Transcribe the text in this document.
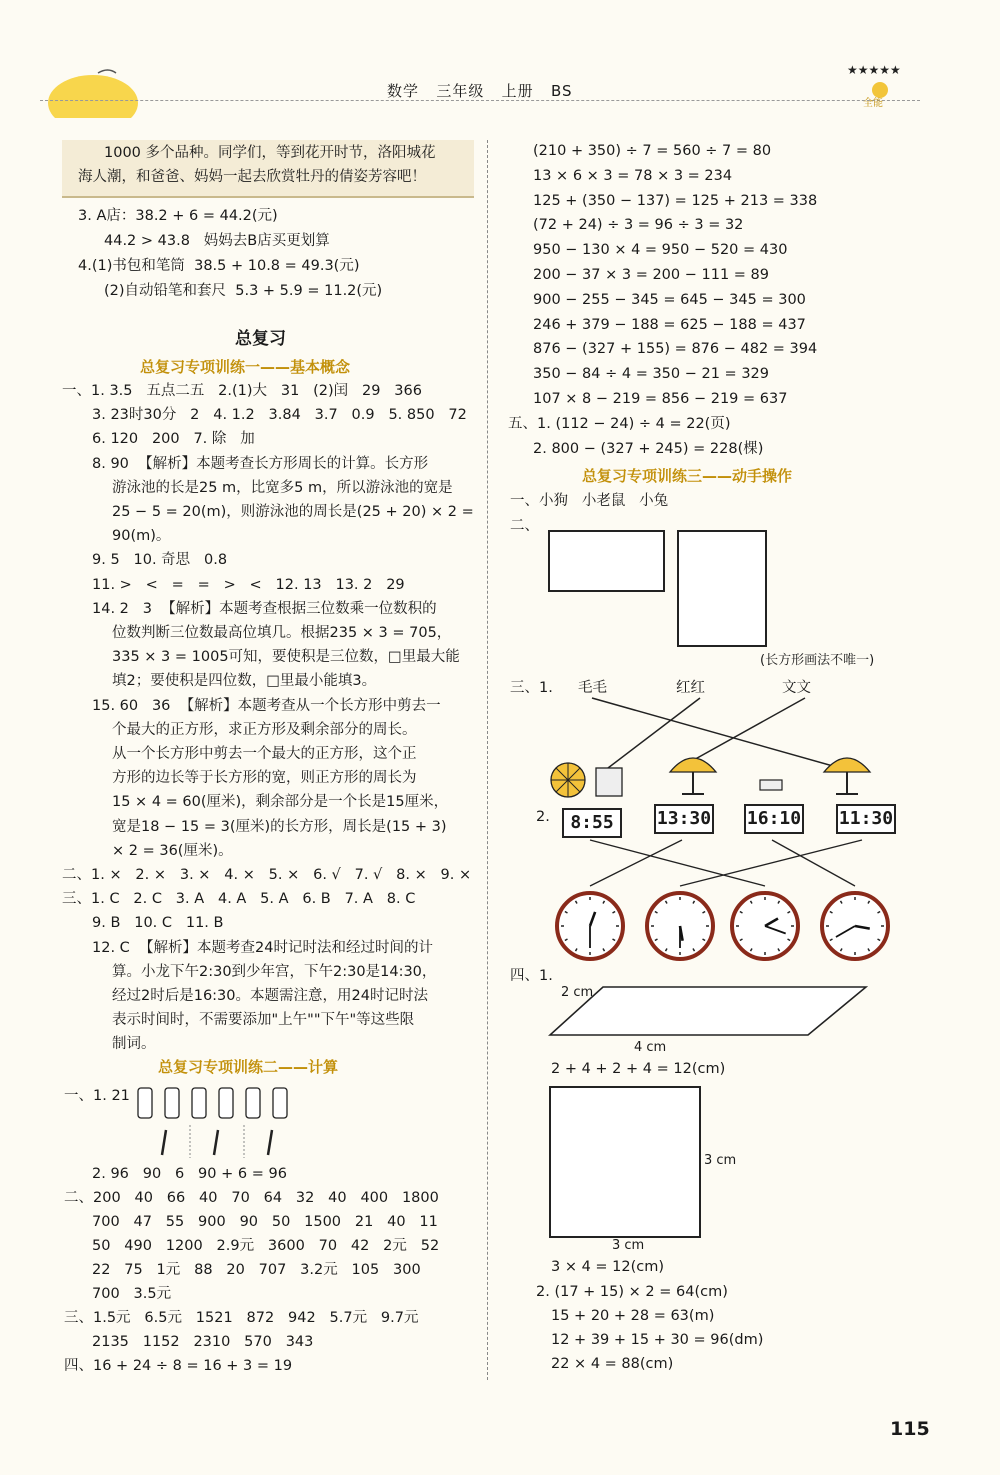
数学 三年级 上册 BS
★★★★★
全能
1000 多个品种。同学们，等到花开时节，洛阳城花
海人潮，和爸爸、妈妈一起去欣赏牡丹的倩姿芳容吧！
3. A店：38.2 + 6 = 44.2(元)
44.2 > 43.8   妈妈去B店买更划算
4.(1)书包和笔筒  38.5 + 10.8 = 49.3(元)
(2)自动铅笔和套尺  5.3 + 5.9 = 11.2(元)
总复习
总复习专项训练一——基本概念
一、1. 3.5   五点二五   2.(1)大   31   (2)闰   29   366
3. 23时30分   2   4. 1.2   3.84   3.7   0.9   5. 850   72
6. 120   200   7. 除   加
8. 90  【解析】本题考查长方形周长的计算。长方形
游泳池的长是25 m，比宽多5 m，所以游泳池的宽是
25 − 5 = 20(m)，则游泳池的周长是(25 + 20) × 2 =
90(m)。
9. 5   10. 奇思   0.8
11. >   <   =   =   >   <   12. 13   13. 2   29
14. 2   3  【解析】本题考查根据三位数乘一位数积的
位数判断三位数最高位填几。根据235 × 3 = 705，
335 × 3 = 1005可知，要使积是三位数，□里最大能
填2；要使积是四位数，□里最小能填3。
15. 60   36  【解析】本题考查从一个长方形中剪去一
个最大的正方形，求正方形及剩余部分的周长。
从一个长方形中剪去一个最大的正方形，这个正
方形的边长等于长方形的宽，则正方形的周长为
15 × 4 = 60(厘米)，剩余部分是一个长是15厘米，
宽是18 − 15 = 3(厘米)的长方形，周长是(15 + 3)
× 2 = 36(厘米)。
二、1. ×   2. ×   3. ×   4. ×   5. ×   6. √   7. √   8. ×   9. ×
三、1. C   2. C   3. A   4. A   5. A   6. B   7. A   8. C
9. B   10. C   11. B
12. C  【解析】本题考查24时记时法和经过时间的计
算。小龙下午2:30到少年宫，下午2:30是14:30，
经过2时后是16:30。本题需注意，用24时记时法
表示时间时，不需要添加"上午""下午"等这些限
制词。
总复习专项训练二——计算
一、1. 21
2. 96   90   6   90 + 6 = 96
二、200   40   66   40   70   64   32   40   400   1800
700   47   55   900   90   50   1500   21   40   11
50   490   1200   2.9元   3600   70   42   2元   52
22   75   1元   88   20   707   3.2元   105   300
700   3.5元
三、1.5元   6.5元   1521   872   942   5.7元   9.7元
2135   1152   2310   570   343
四、16 + 24 ÷ 8 = 16 + 3 = 19
(210 + 350) ÷ 7 = 560 ÷ 7 = 80
13 × 6 × 3 = 78 × 3 = 234
125 + (350 − 137) = 125 + 213 = 338
(72 + 24) ÷ 3 = 96 ÷ 3 = 32
950 − 130 × 4 = 950 − 520 = 430
200 − 37 × 3 = 200 − 111 = 89
900 − 255 − 345 = 645 − 345 = 300
246 + 379 − 188 = 625 − 188 = 437
876 − (327 + 155) = 876 − 482 = 394
350 − 84 ÷ 4 = 350 − 21 = 329
107 × 8 − 219 = 856 − 219 = 637
五、1. (112 − 24) ÷ 4 = 22(页)
2. 800 − (327 + 245) = 228(棵)
总复习专项训练三——动手操作
一、小狗   小老鼠   小兔
二、
(长方形画法不唯一)
三、1. 毛毛	红红	文文
2.	8:55	13:30 16:10 11:30
四、1.
2 cm
4 cm
2 + 4 + 2 + 4 = 12(cm)
3 cm
3 cm
3 × 4 = 12(cm)
2. (17 + 15) × 2 = 64(cm)
15 + 20 + 28 = 63(m)
12 + 39 + 15 + 30 = 96(dm)
22 × 4 = 88(cm)
115
